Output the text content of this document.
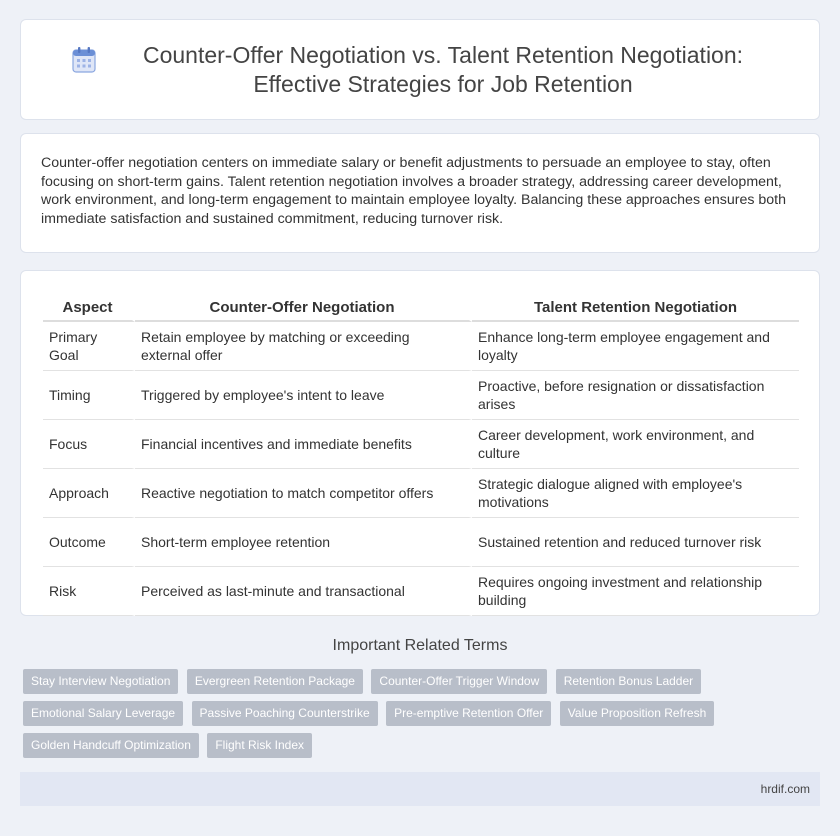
Counter-Offer Negotiation vs. Talent Retention Negotiation: Effective Strategies for Job Retention

Counter-offer negotiation centers on immediate salary or benefit adjustments to persuade an employee to stay, often focusing on short-term gains. Talent retention negotiation involves a broader strategy, addressing career development, work environment, and long-term engagement to maintain employee loyalty. Balancing these approaches ensures both immediate satisfaction and sustained commitment, reducing turnover risk.

Aspect	Counter-Offer Negotiation	Talent Retention Negotiation
Primary Goal	Retain employee by matching or exceeding external offer	Enhance long-term employee engagement and loyalty
Timing	Triggered by employee's intent to leave	Proactive, before resignation or dissatisfaction arises
Focus	Financial incentives and immediate benefits	Career development, work environment, and culture
Approach	Reactive negotiation to match competitor offers	Strategic dialogue aligned with employee's motivations
Outcome	Short-term employee retention	Sustained retention and reduced turnover risk
Risk	Perceived as last-minute and transactional	Requires ongoing investment and relationship building
Important Related Terms
Stay Interview Negotiation Evergreen Retention Package Counter-Offer Trigger Window Retention Bonus Ladder
Emotional Salary Leverage Passive Poaching Counterstrike Pre-emptive Retention Offer Value Proposition Refresh
Golden Handcuff Optimization Flight Risk Index
hrdif.com
